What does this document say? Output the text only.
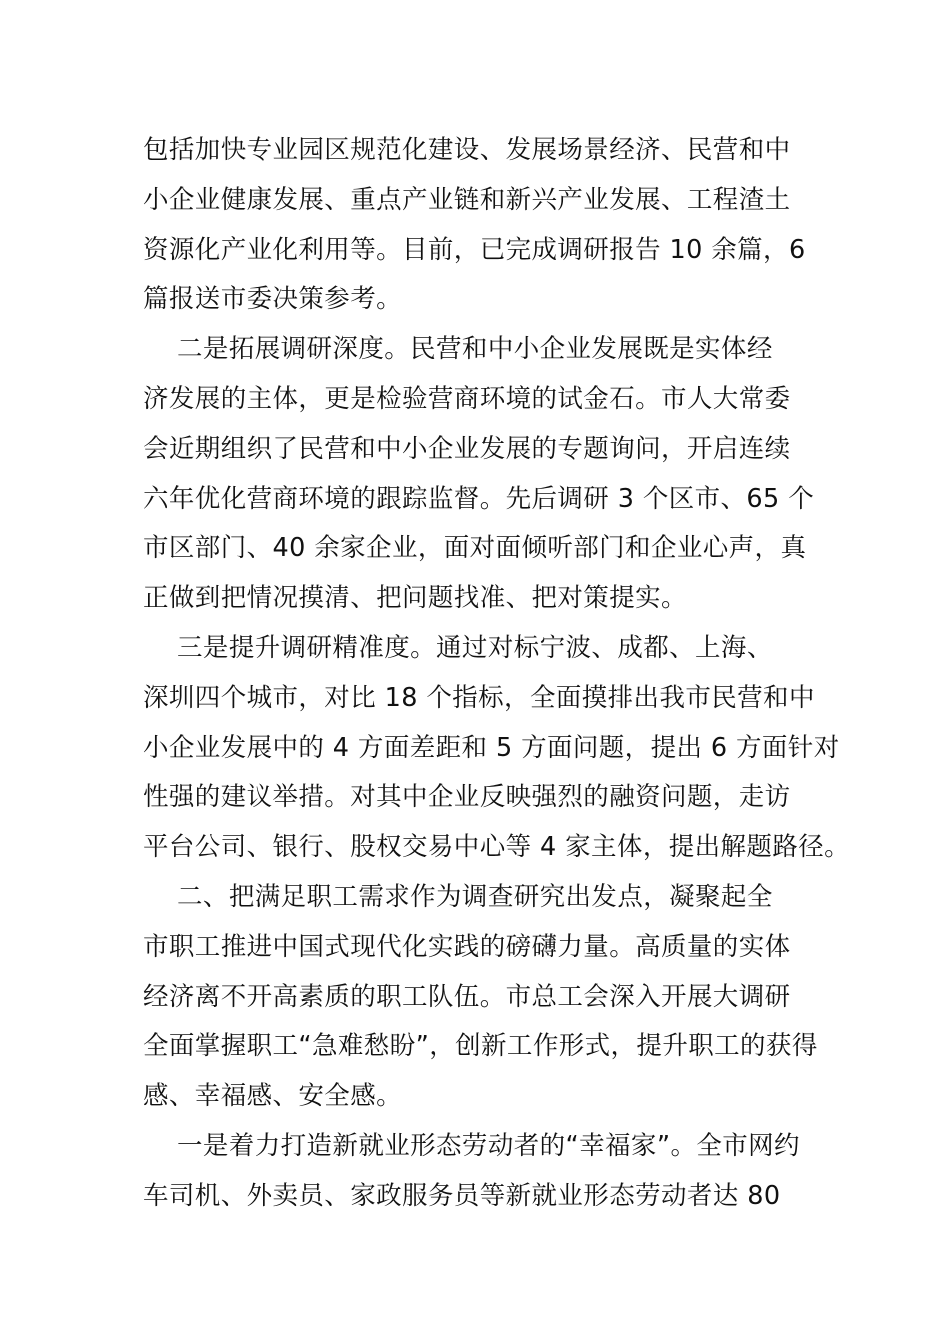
包括加快专业园区规范化建设、发展场景经济、民营和中
小企业健康发展、重点产业链和新兴产业发展、工程渣土
资源化产业化利用等。目前，已完成调研报告 10 余篇，6
篇报送市委决策参考。
二是拓展调研深度。民营和中小企业发展既是实体经
济发展的主体，更是检验营商环境的试金石。市人大常委
会近期组织了民营和中小企业发展的专题询问，开启连续
六年优化营商环境的跟踪监督。先后调研 3 个区市、65 个
市区部门、40 余家企业，面对面倾听部门和企业心声，真
正做到把情况摸清、把问题找准、把对策提实。
三是提升调研精准度。通过对标宁波、成都、上海、
深圳四个城市，对比 18 个指标，全面摸排出我市民营和中
小企业发展中的 4 方面差距和 5 方面问题，提出 6 方面针对
性强的建议举措。对其中企业反映强烈的融资问题，走访
平台公司、银行、股权交易中心等 4 家主体，提出解题路径。
二、把满足职工需求作为调查研究出发点，凝聚起全
市职工推进中国式现代化实践的磅礴力量。高质量的实体
经济离不开高素质的职工队伍。市总工会深入开展大调研
全面掌握职工“急难愁盼”，创新工作形式，提升职工的获得
感、幸福感、安全感。
一是着力打造新就业形态劳动者的“幸福家”。全市网约
车司机、外卖员、家政服务员等新就业形态劳动者达 80
